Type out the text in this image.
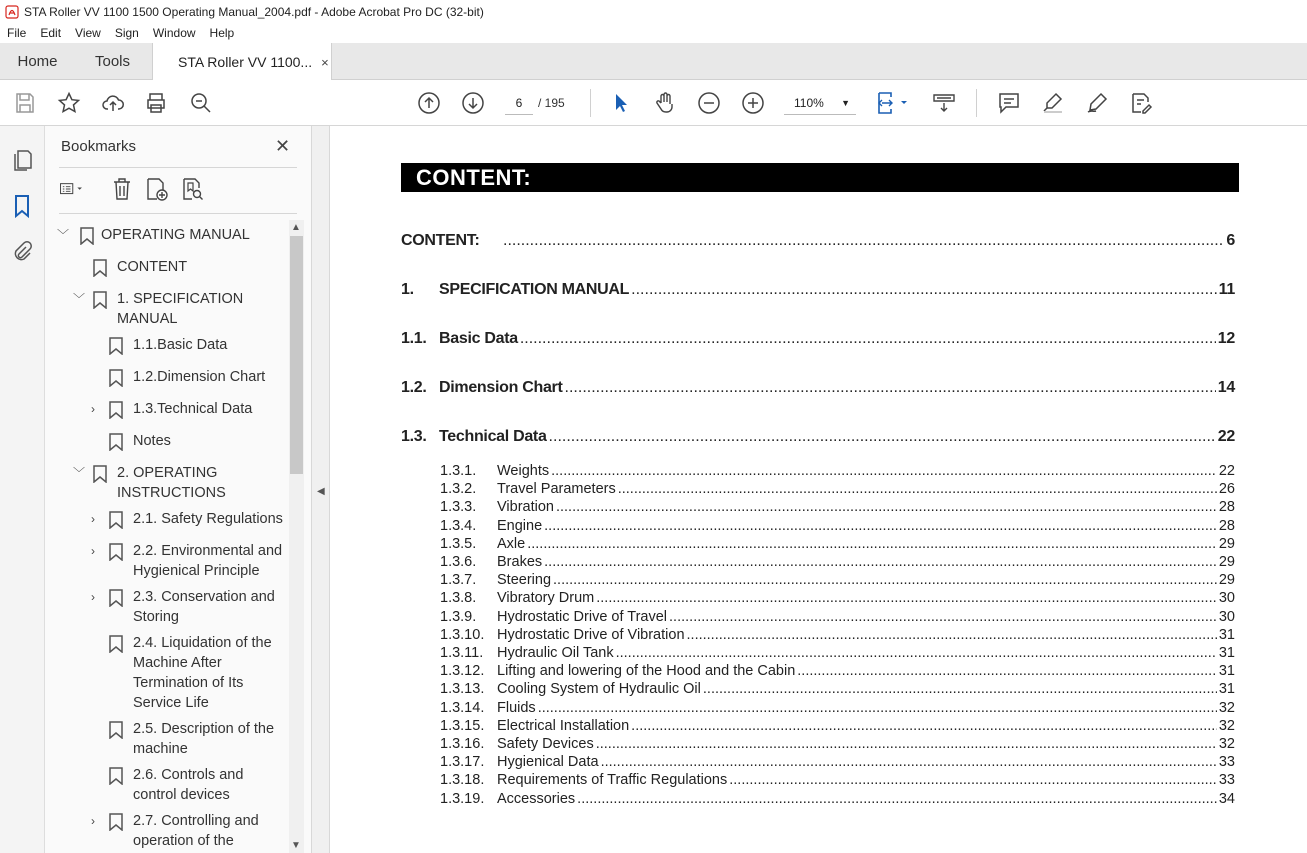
STA Roller VV 1100 1500 Operating Manual_2004.pdf - Adobe Acrobat Pro DC (32-bit)
File	Edit	View	Sign	Window	Help
Home	Tools	STA Roller VV 1100... ×
6	/ 195	110% ▼
Bookmarks	✕
﹀ OPERATING MANUAL
CONTENT
﹀ 1. SPECIFICATION MANUAL
1.1.Basic Data
1.2.Dimension Chart
›	1.3.Technical Data
Notes
﹀ 2. OPERATING INSTRUCTIONS
›	2.1. Safety Regulations
›	2.2. Environmental and Hygienical Principle
›	2.3. Conservation and Storing
2.4. Liquidation of the Machine After Termination of Its Service Life
2.5. Description of the machine
2.6. Controls and control devices
›	2.7. Controlling and operation of the
▲
▼
◀
CONTENT:
CONTENT: .....	6
1.	SPECIFICATION MANUAL .....	11
1.1. Basic Data .....	12
1.2. Dimension Chart .....	14
1.3. Technical Data .....	22
1.3.1.	Weights .....	22
1.3.2.	Travel Parameters .....	26
1.3.3.	Vibration .....	28
1.3.4.	Engine .....	28
1.3.5.	Axle .....	29
1.3.6.	Brakes .....	29
1.3.7.	Steering .....	29
1.3.8.	Vibratory Drum .....	30
1.3.9.	Hydrostatic Drive of Travel .....	30
1.3.10. Hydrostatic Drive of Vibration .....	31
1.3.11. Hydraulic Oil Tank .....	31
1.3.12. Lifting and lowering of the Hood and the Cabin .....	31
1.3.13. Cooling System of Hydraulic Oil .....	31
1.3.14. Fluids .....	32
1.3.15. Electrical Installation .....	32
1.3.16. Safety Devices .....	32
1.3.17. Hygienical Data .....	33
1.3.18. Requirements of Traffic Regulations .....	33
1.3.19. Accessories .....	34
